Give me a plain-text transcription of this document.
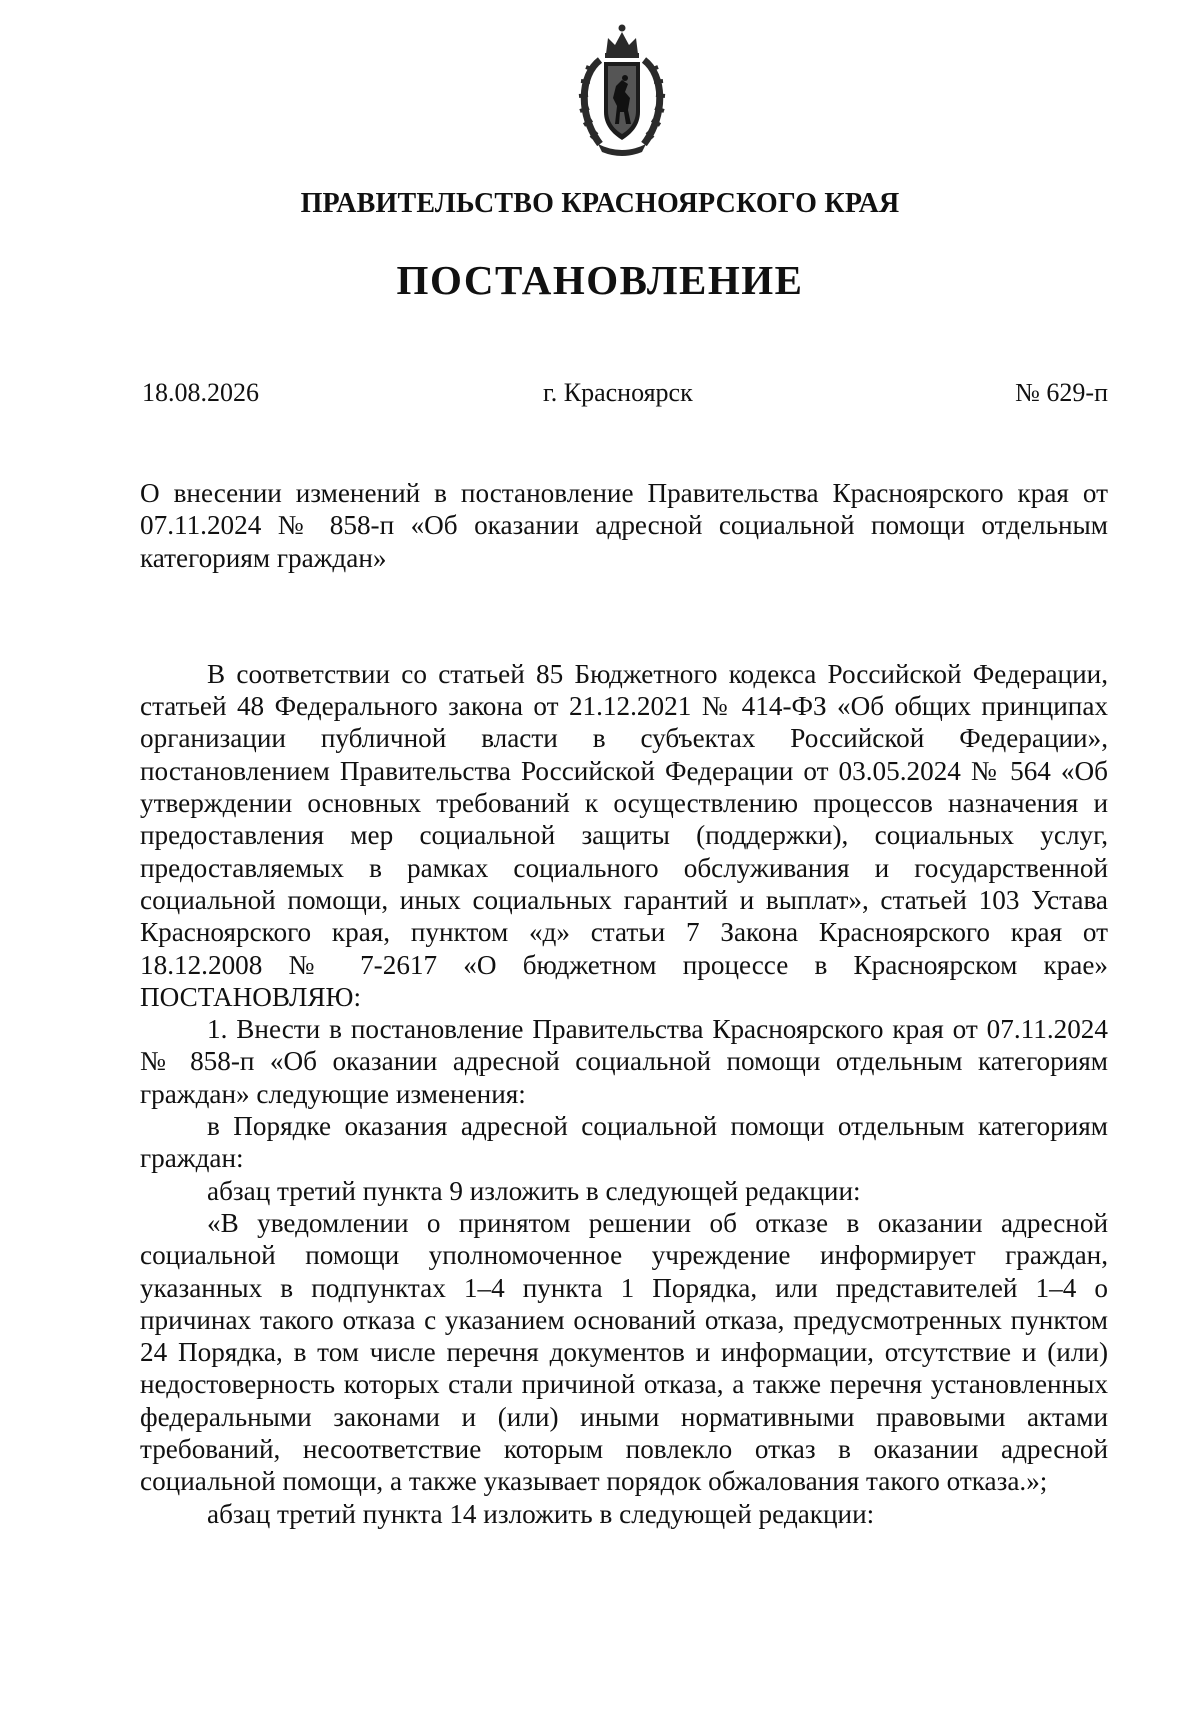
ПРАВИТЕЛЬСТВО КРАСНОЯРСКОГО КРАЯ
ПОСТАНОВЛЕНИЕ
18.08.2026	г. Красноярск	№ 629-п

О внесении изменений в постановление Правительства Красноярского края от 07.11.2024 № 858-п «Об оказании адресной социальной помощи отдельным категориям граждан»

В соответствии со статьей 85 Бюджетного кодекса Российской Федерации, статьей 48 Федерального закона от 21.12.2021 № 414-ФЗ «Об общих принципах организации публичной власти в субъектах Российской Федерации», постановлением Правительства Российской Федерации от 03.05.2024 № 564 «Об утверждении основных требований к осуществлению процессов назначения и предоставления мер социальной защиты (поддержки), социальных услуг, предоставляемых в рамках социального обслуживания и государственной социальной помощи, иных социальных гарантий и выплат», статьей 103 Устава Красноярского края, пунктом «д» статьи 7 Закона Красноярского края от 18.12.2008 № 7-2617 «О бюджетном процессе в Красноярском крае» ПОСТАНОВЛЯЮ:

1. Внести в постановление Правительства Красноярского края от 07.11.2024 № 858-п «Об оказании адресной социальной помощи отдельным категориям граждан» следующие изменения:

в Порядке оказания адресной социальной помощи отдельным категориям граждан:

абзац третий пункта 9 изложить в следующей редакции:

«В уведомлении о принятом решении об отказе в оказании адресной социальной помощи уполномоченное учреждение информирует граждан, указанных в подпунктах 1–4 пункта 1 Порядка, или представителей 1–4 о причинах такого отказа с указанием оснований отказа, предусмотренных пунктом 24 Порядка, в том числе перечня документов и информации, отсутствие и (или) недостоверность которых стали причиной отказа, а также перечня установленных федеральными законами и (или) иными нормативными правовыми актами требований, несоответствие которым повлекло отказ в оказании адресной социальной помощи, а также указывает порядок обжалования такого отказа.»;

абзац третий пункта 14 изложить в следующей редакции:
